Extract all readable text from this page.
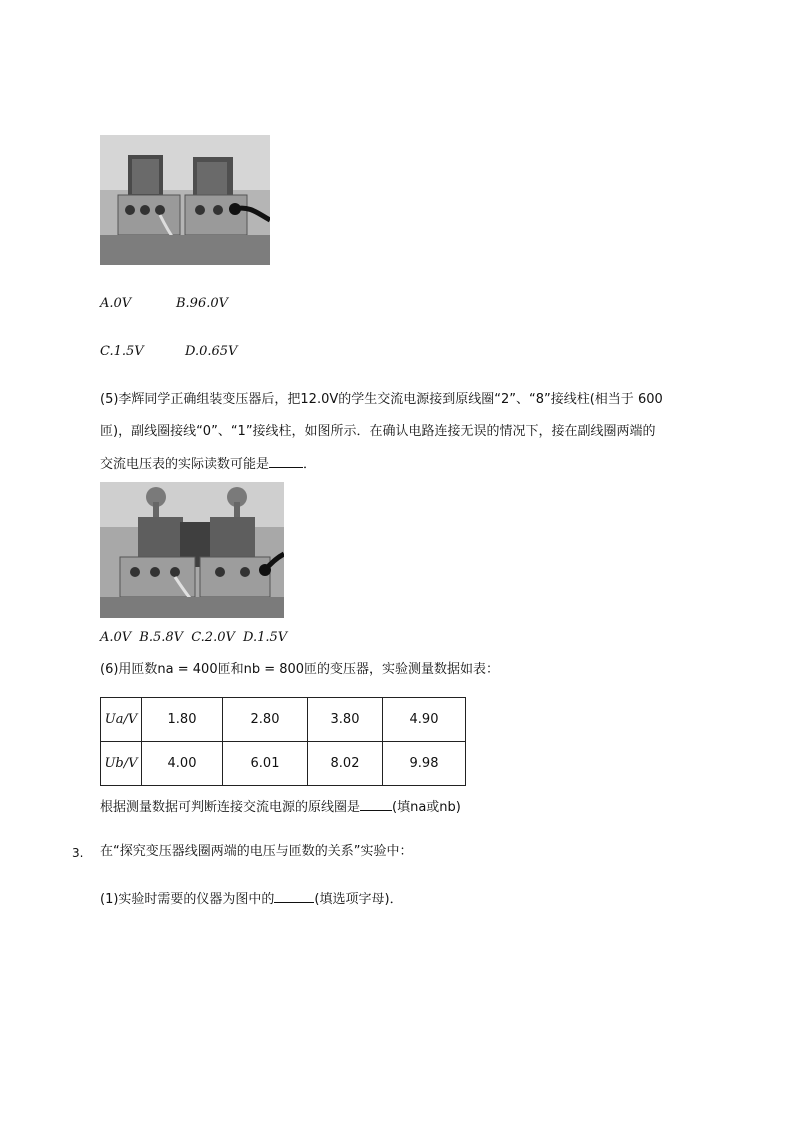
A.0V	B.96.0V
C.1.5V	D.0.65V
(5)李辉同学正确组装变压器后，把12.0V的学生交流电源接到原线圈“2”、“8”接线柱(相当于 600
匝)，副线圈接线“0”、“1”接线柱，如图所示．在确认电路连接无误的情况下，接在副线圈两端的
交流电压表的实际读数可能是	．
A.0V B.5.8V C.2.0V D.1.5V
(6)用匝数na = 400匝和nb = 800匝的变压器，实验测量数据如表：
Ua/V	1.80	2.80	3.80	4.90
Ub/V	4.00	6.01	8.02	9.98
根据测量数据可判断连接交流电源的原线圈是 (填na或nb)
3. 在“探究变压器线圈两端的电压与匝数的关系”实验中：
(1)实验时需要的仪器为图中的	(填选项字母)．
